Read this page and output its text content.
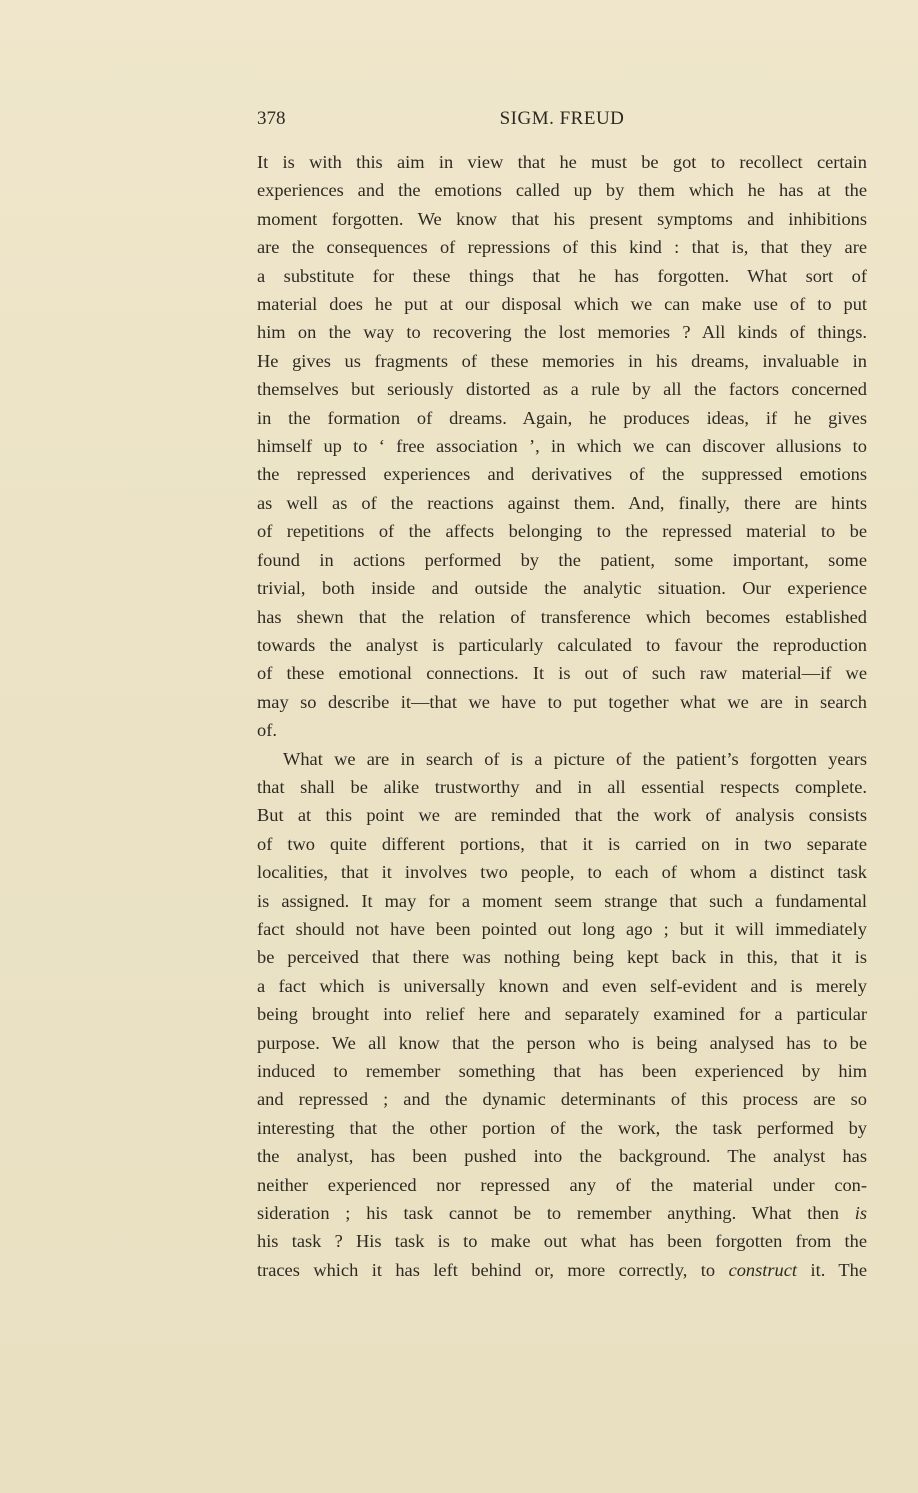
378	SIGM. FREUD
It is with this aim in view that he must be got to recollect certain
experiences and the emotions called up by them which he has at the
moment forgotten. We know that his present symptoms and inhibitions
are the consequences of repressions of this kind : that is, that they are
a substitute for these things that he has forgotten. What sort of
material does he put at our disposal which we can make use of to put
him on the way to recovering the lost memories ? All kinds of things.
He gives us fragments of these memories in his dreams, invaluable in
themselves but seriously distorted as a rule by all the factors concerned
in the formation of dreams. Again, he produces ideas, if he gives
himself up to ‘ free association ’, in which we can discover allusions to
the repressed experiences and derivatives of the suppressed emotions
as well as of the reactions against them. And, finally, there are hints
of repetitions of the affects belonging to the repressed material to be
found in actions performed by the patient, some important, some
trivial, both inside and outside the analytic situation. Our experience
has shewn that the relation of transference which becomes established
towards the analyst is particularly calculated to favour the reproduction
of these emotional connections. It is out of such raw material—if we
may so describe it—that we have to put together what we are in search
of.
What we are in search of is a picture of the patient’s forgotten years
that shall be alike trustworthy and in all essential respects complete.
But at this point we are reminded that the work of analysis consists
of two quite different portions, that it is carried on in two separate
localities, that it involves two people, to each of whom a distinct task
is assigned. It may for a moment seem strange that such a fundamental
fact should not have been pointed out long ago ; but it will immediately
be perceived that there was nothing being kept back in this, that it is
a fact which is universally known and even self-evident and is merely
being brought into relief here and separately examined for a particular
purpose. We all know that the person who is being analysed has to be
induced to remember something that has been experienced by him
and repressed ; and the dynamic determinants of this process are so
interesting that the other portion of the work, the task performed by
the analyst, has been pushed into the background. The analyst has
neither experienced nor repressed any of the material under con-
sideration ; his task cannot be to remember anything. What then is
his task ? His task is to make out what has been forgotten from the
traces which it has left behind or, more correctly, to construct it. The
